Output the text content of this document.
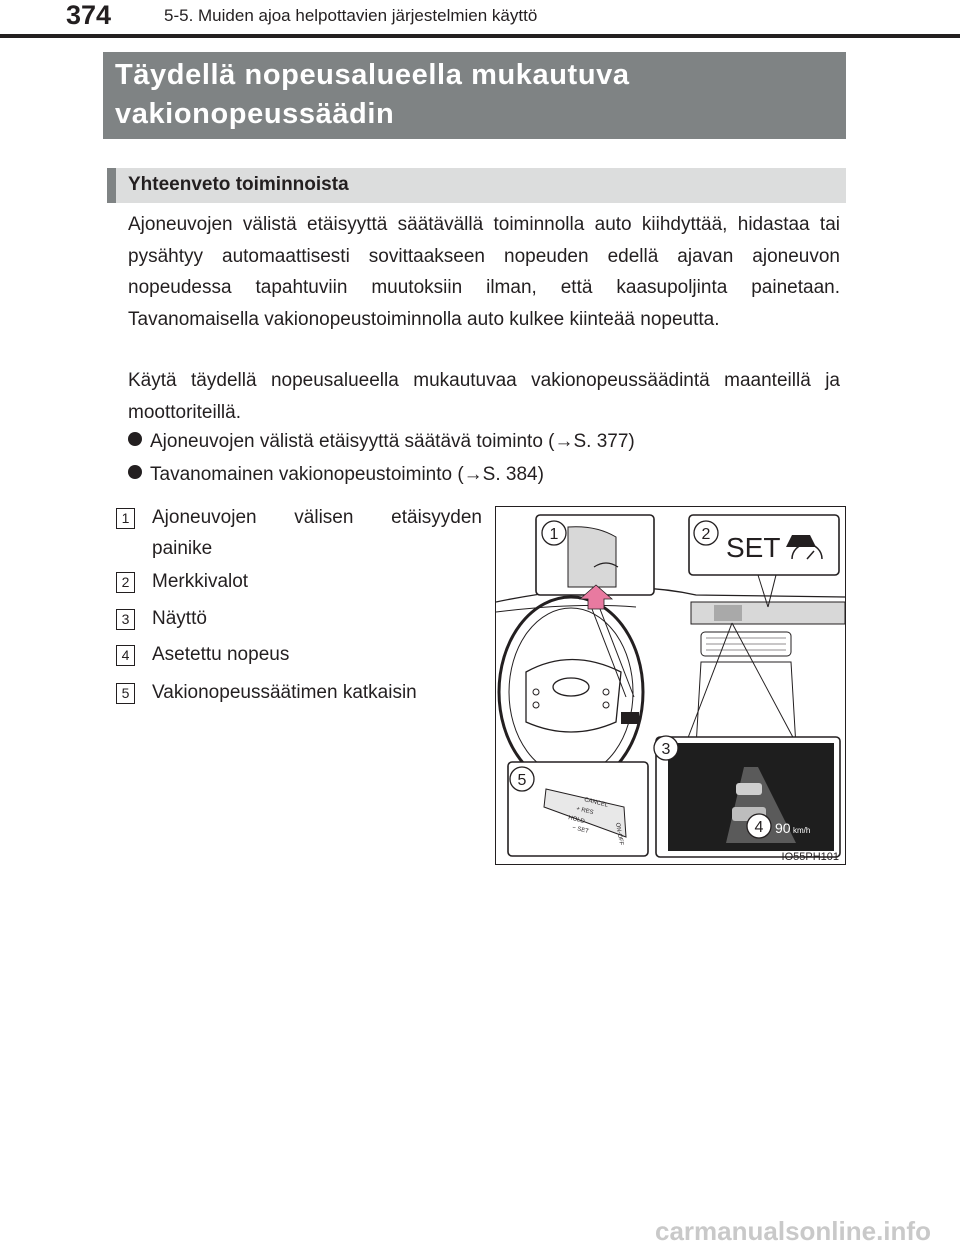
374	5-5. Muiden ajoa helpottavien järjestelmien käyttö
Täydellä nopeusalueella mukautuva
vakionopeussäädin
Yhteenveto toiminnoista
Ajoneuvojen välistä etäisyyttä säätävällä toiminnolla auto kiihdyttää, hidastaa tai pysähtyy automaattisesti sovittaakseen nopeuden edellä ajavan ajoneuvon nopeudessa tapahtuviin muutoksiin ilman, että kaasupoljinta painetaan. Tavanomaisella vakionopeustoiminnolla auto kulkee kiinteää nopeutta.
Käytä täydellä nopeusalueella mukautuvaa vakionopeussäädintä maanteillä ja moottoriteillä.
Ajoneuvojen välistä etäisyyttä säätävä toiminto (→S. 377)
Tavanomainen vakionopeustoiminto (→S. 384)
1 Ajoneuvojen välisen etäisyyden painike
2 Merkkivalot
3 Näyttö
4 Asetettu nopeus
5 Vakionopeussäätimen katkaisin
1	2 SET
5
CANCEL
+ RES
HOLD
− SET	ON-OFF
3
4 90 km/h
IO55PH101
carmanualsonline.info
